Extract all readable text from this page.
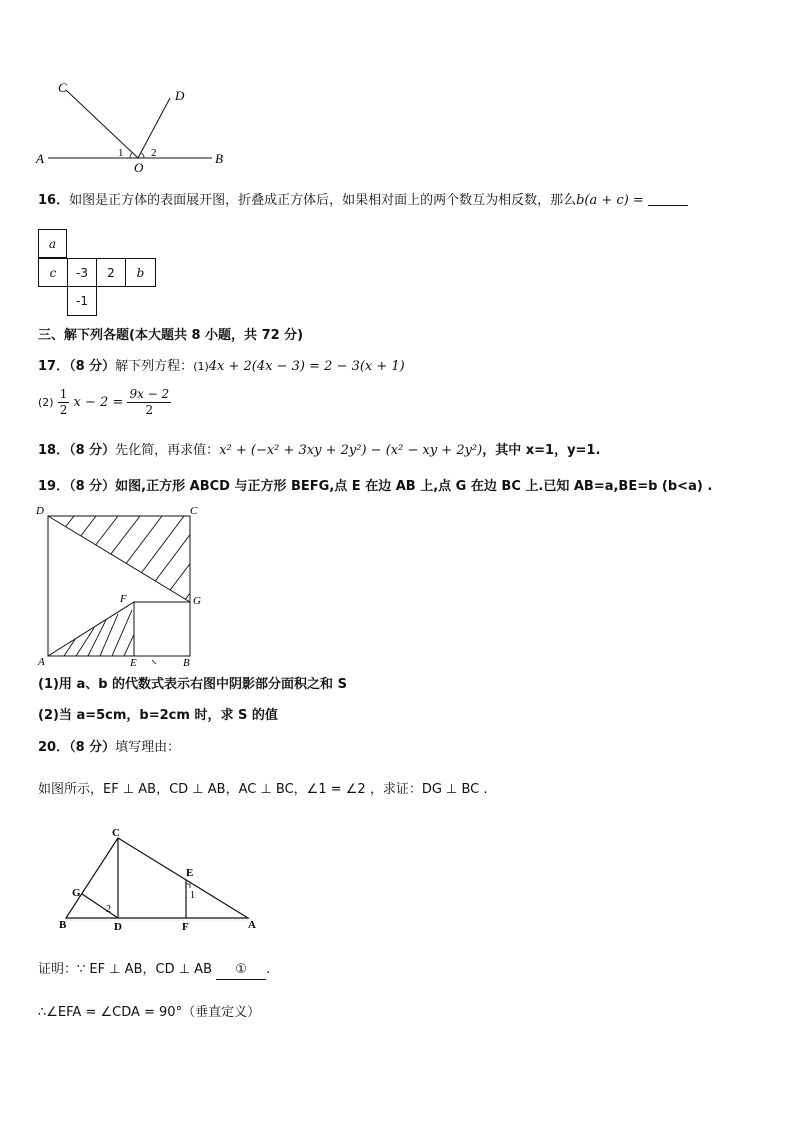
C
D
A	B
O
1	2
16．如图是正方体的表面展开图，折叠成正方体后，如果相对面上的两个数互为相反数，那么b(a + c) =
a
c	-3	2	b
-1
三、解下列各题(本大题共 8 小题，共 72 分)
17．（8 分）解下列方程：(1)4x + 2(4x − 3) = 2 − 3(x + 1)
$(2) \frac{1}{2}$ $x - 2 = \frac{9x - 2}{2}$
18．（8 分）先化简，再求值：x² + (−x² + 3xy + 2y²) − (x² − xy + 2y²)，其中 x=1，y=1.
19．（8 分）如图,正方形 ABCD 与正方形 BEFG,点 E 在边 AB 上,点 G 在边 BC 上.已知 AB=a,BE=b (b<a) .
D	C
F	G
A	E	B
(1)用 a、b 的代数式表示右图中阴影部分面积之和 S
(2)当 a=5cm，b=2cm 时，求 S 的值
20．（8 分）填写理由：
如图所示，EF ⊥ AB，CD ⊥ AB，AC ⊥ BC，∠1 = ∠2 ，求证：DG ⊥ BC .
C
G
E
1
2
B	D	F	A
证明：∵ EF ⊥ AB，CD ⊥ AB ① .
∴∠EFA = ∠CDA = 90°（垂直定义）
